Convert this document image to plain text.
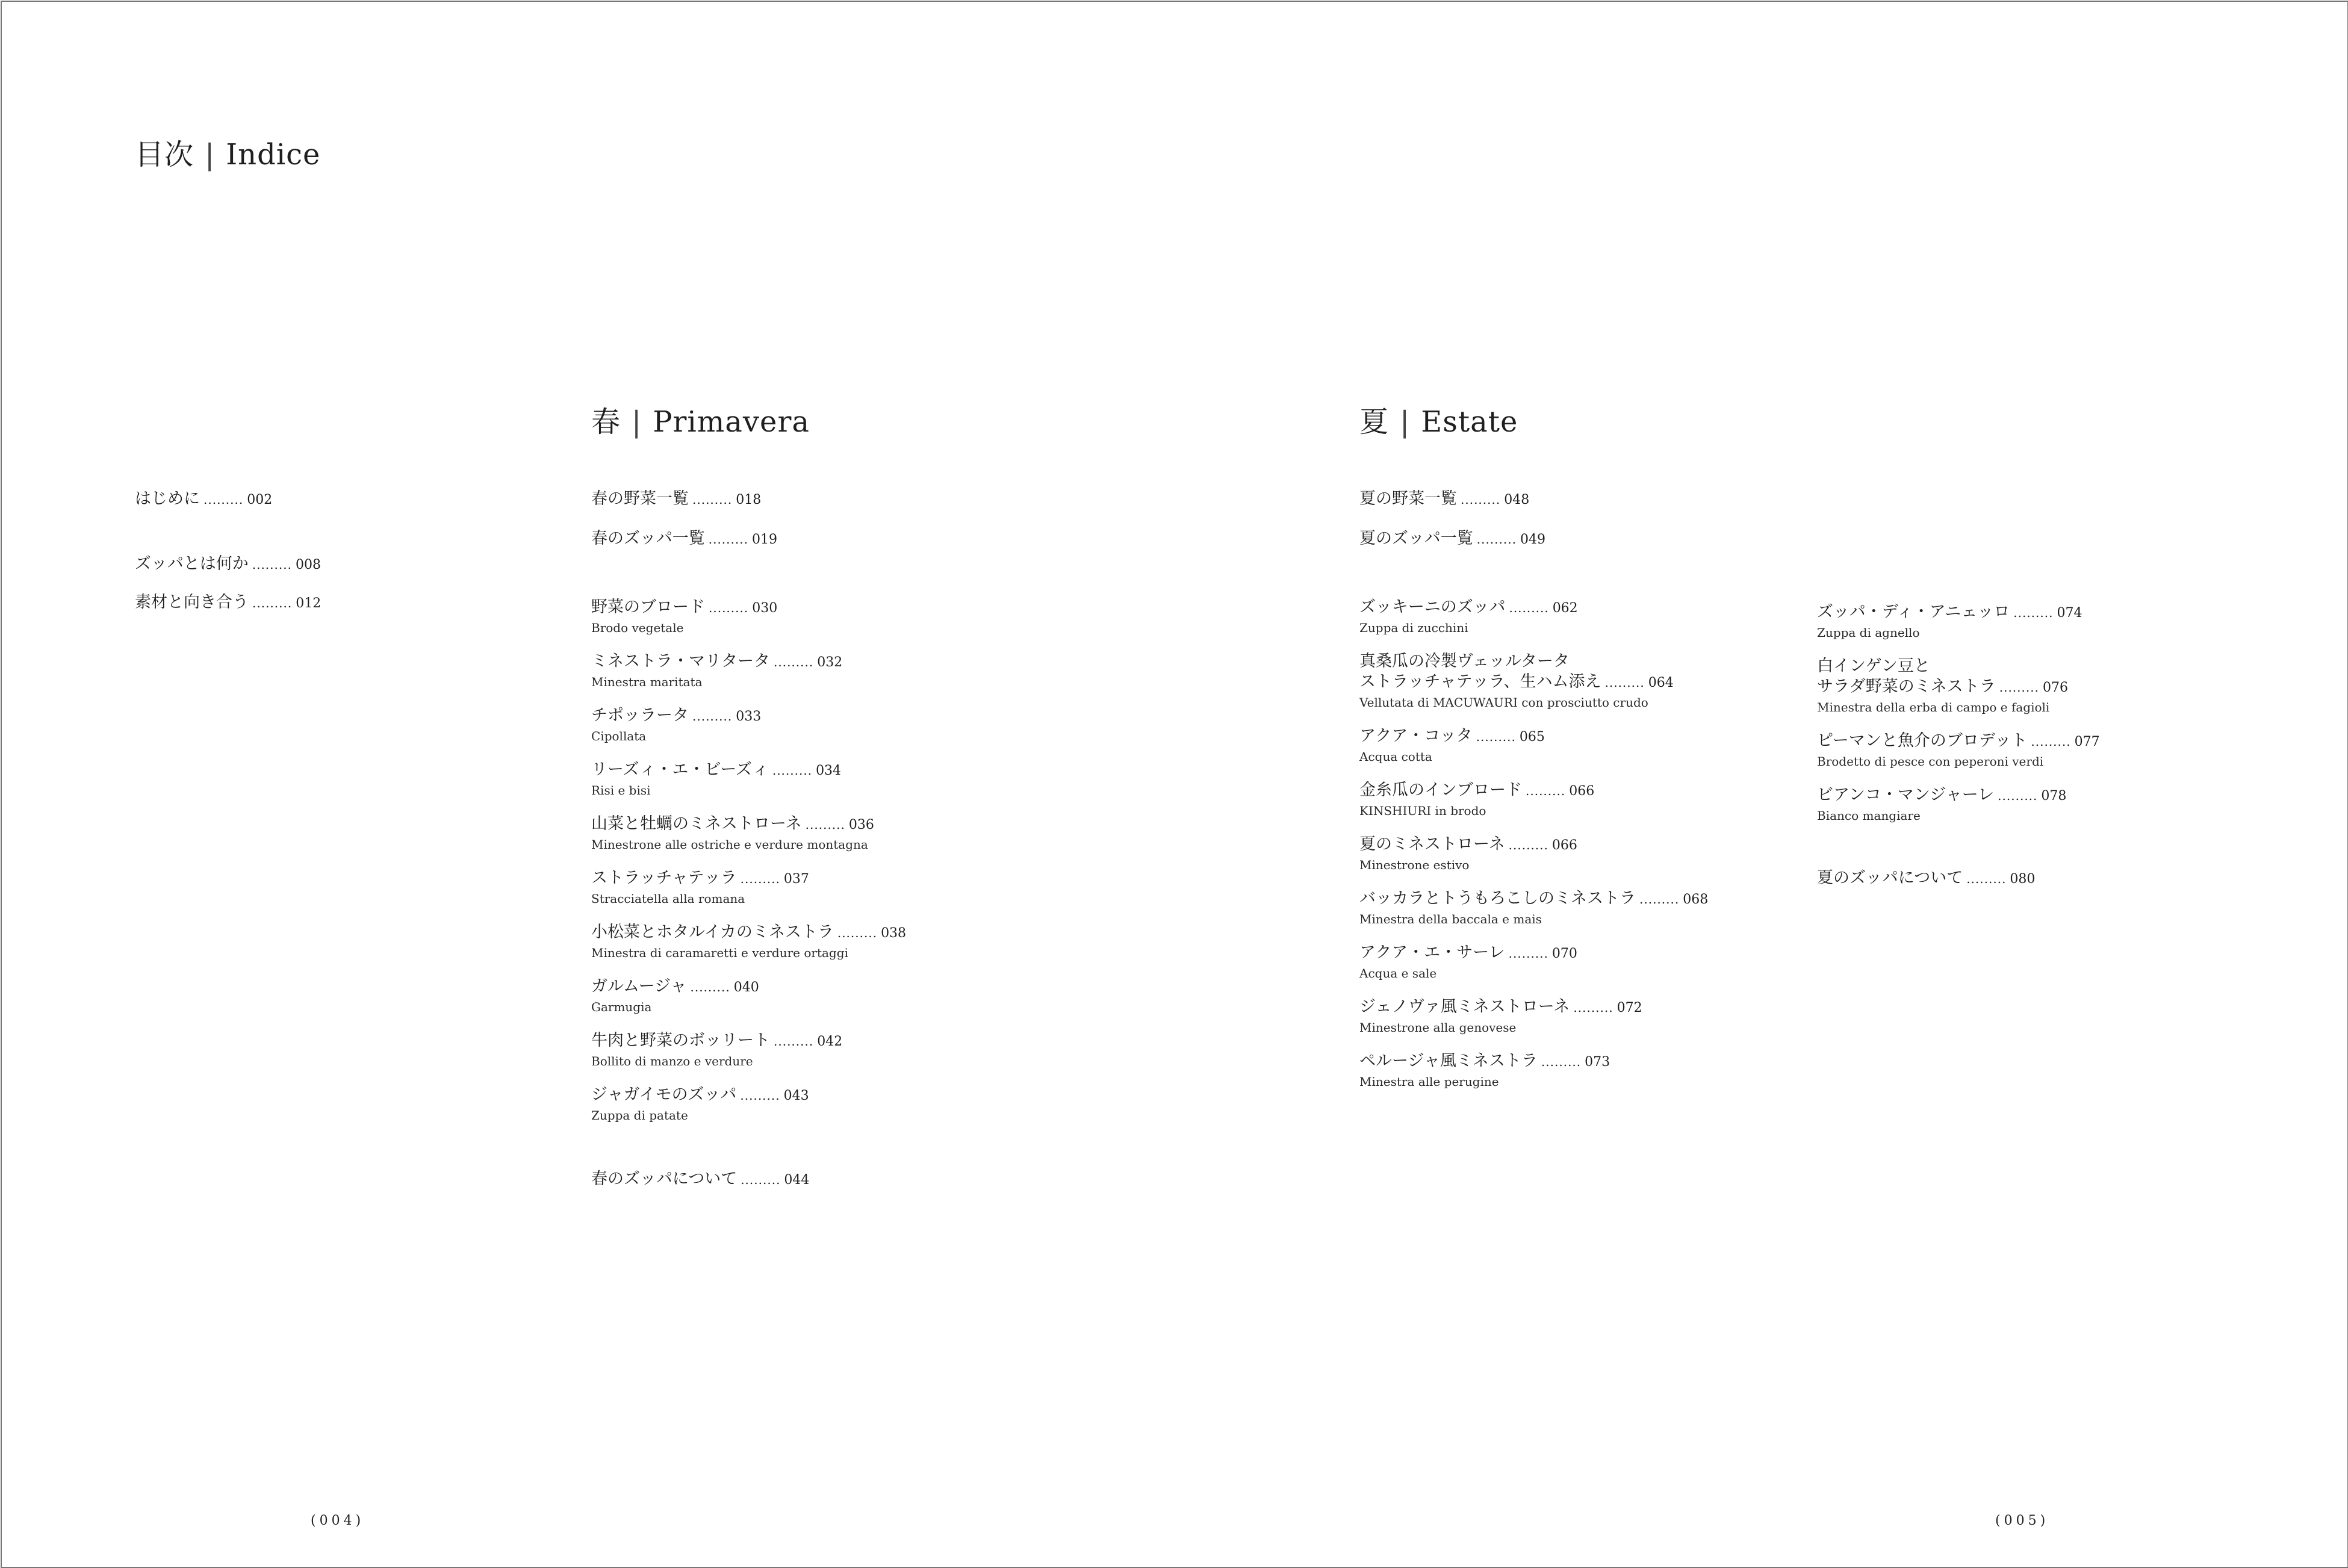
目次 | Indice
はじめに ......... 002
ズッパとは何か ......... 008
素材と向き合う ......... 012
春 | Primavera
春の野菜一覧 ......... 018
春のズッパ一覧 ......... 019
野菜のブロード ......... 030
Brodo vegetale
ミネストラ・マリタータ ......... 032
Minestra maritata
チポッラータ ......... 033
Cipollata
リーズィ・エ・ビーズィ ......... 034
Risi e bisi
山菜と牡蠣のミネストローネ ......... 036
Minestrone alle ostriche e verdure montagna
ストラッチャテッラ ......... 037
Stracciatella alla romana
小松菜とホタルイカのミネストラ ......... 038
Minestra di caramaretti e verdure ortaggi
ガルムージャ ......... 040
Garmugia
牛肉と野菜のボッリート ......... 042
Bollito di manzo e verdure
ジャガイモのズッパ ......... 043
Zuppa di patate
春のズッパについて ......... 044
夏 | Estate
夏の野菜一覧 ......... 048
夏のズッパ一覧 ......... 049
ズッキーニのズッパ ......... 062
Zuppa di zucchini
真桑瓜の冷製ヴェッルタータ
ストラッチャテッラ、生ハム添え ......... 064
Vellutata di MACUWAURI con prosciutto crudo
アクア・コッタ ......... 065
Acqua cotta
金糸瓜のインブロード ......... 066
KINSHIURI in brodo
夏のミネストローネ ......... 066
Minestrone estivo
バッカラとトうもろこしのミネストラ ......... 068
Minestra della baccala e mais
アクア・エ・サーレ ......... 070
Acqua e sale
ジェノヴァ風ミネストローネ ......... 072
Minestrone alla genovese
ペルージャ風ミネストラ ......... 073
Minestra alle perugine
ズッパ・ディ・アニェッロ ......... 074
Zuppa di agnello
白インゲン豆と
サラダ野菜のミネストラ ......... 076
Minestra della erba di campo e fagioli
ピーマンと魚介のブロデット ......... 077
Brodetto di pesce con peperoni verdi
ビアンコ・マンジャーレ ......... 078
Bianco mangiare
夏のズッパについて ......... 080
(004)	(005)
